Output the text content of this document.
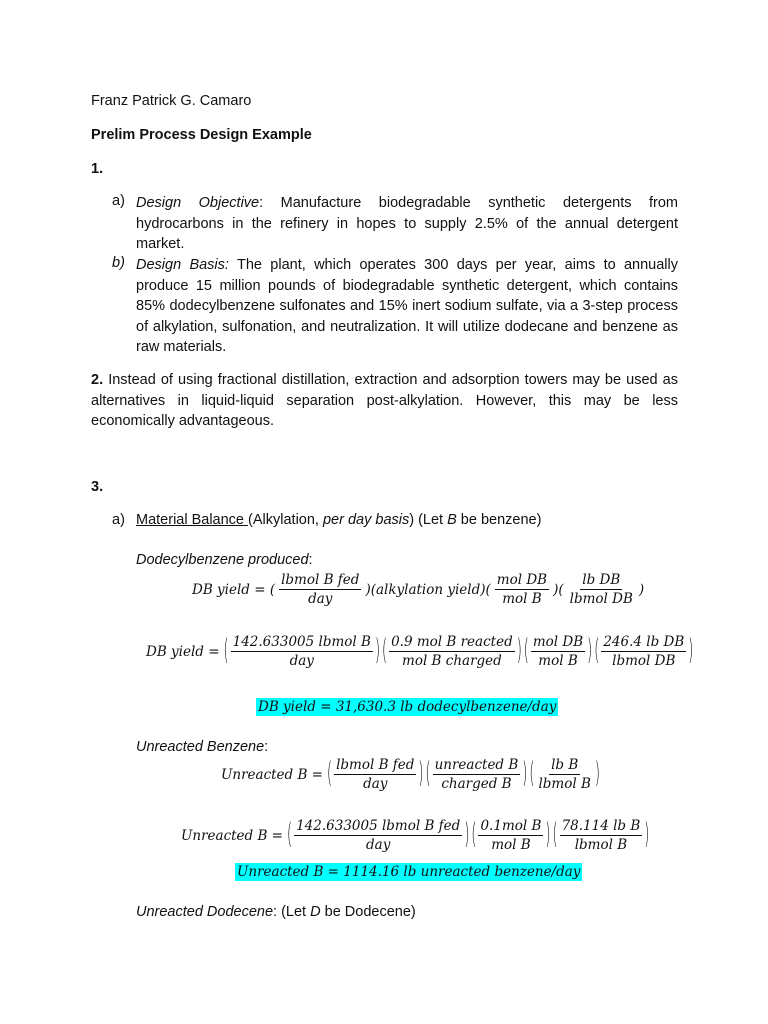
Franz Patrick G. Camaro
Prelim Process Design Example
1.
a) Design Objective: Manufacture biodegradable synthetic detergents from hydrocarbons in the refinery in hopes to supply 2.5% of the annual detergent market.
b) Design Basis: The plant, which operates 300 days per year, aims to annually produce 15 million pounds of biodegradable synthetic detergent, which contains 85% dodecylbenzene sulfonates and 15% inert sodium sulfate, via a 3-step process of alkylation, sulfonation, and neutralization. It will utilize dodecane and benzene as raw materials.
2. Instead of using fractional distillation, extraction and adsorption towers may be used as alternatives in liquid-liquid separation post-alkylation. However, this may be less economically advantageous.
3.
a) Material Balance (Alkylation, per day basis) (Let B be benzene)
Dodecylbenzene produced:
DB yield = ( $\frac{\text{lbmol B fed}}{\text{day}}$ )(alkylation yield)( $\frac{\text{mol DB}}{\text{mol B}}$ )( $\frac{\text{lb DB}}{\text{lbmol DB}}$ )
DB yield = ( $\frac{\text{142.633005 lbmol B}}{\text{day}}$ ) ( $\frac{\text{0.9 mol B reacted}}{\text{mol B charged}}$ ) ( $\frac{\text{mol DB}}{\text{mol B}}$ ) ( $\frac{\text{246.4 lb DB}}{\text{lbmol DB}}$ )
DB yield = 31,630.3 lb dodecylbenzene/day
Unreacted Benzene:
Unreacted B = ( $\frac{\text{lbmol B fed}}{\text{day}}$ ) ( $\frac{\text{unreacted B}}{\text{charged B}}$ ) ( $\frac{\text{lb B}}{\text{lbmol B}}$ )
Unreacted B = ( $\frac{\text{142.633005 lbmol B fed}}{\text{day}}$ ) ( $\frac{\text{0.1mol B}}{\text{mol B}}$ ) ( $\frac{\text{78.114 lb B}}{\text{lbmol B}}$ )
Unreacted B = 1114.16 lb unreacted benzene/day
Unreacted Dodecene: (Let D be Dodecene)
